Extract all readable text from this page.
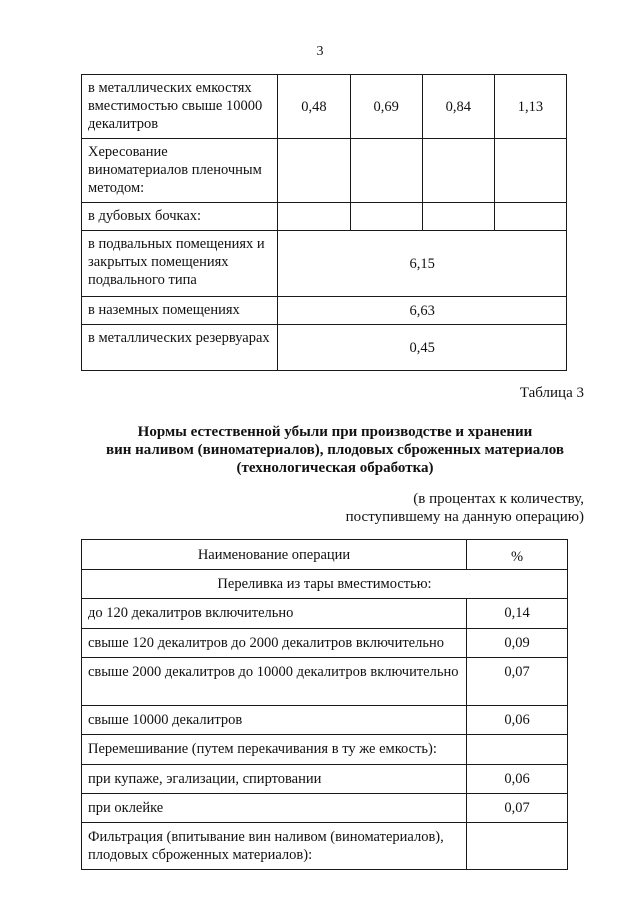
3
в металлических емкостях вместимостью свыше 10000 декалитров	0,48	0,69	0,84	1,13
Хересование виноматериалов пленочным методом:				
в дубовых бочках:				
в подвальных помещениях и закрытых помещениях подвального типа	6,15			
в наземных помещениях	6,63			
в металлических резервуарах	0,45			
Таблица 3
Нормы естественной убыли при производстве и хранении
вин наливом (виноматериалов), плодовых сброженных материалов
(технологическая обработка)
(в процентах к количеству,
поступившему на данную операцию)
Наименование операции	%
Переливка из тары вместимостью:	
до 120 декалитров включительно	0,14
свыше 120 декалитров до 2000 декалитров включительно	0,09
свыше 2000 декалитров до 10000 декалитров включительно	0,07
свыше 10000 декалитров	0,06
Перемешивание (путем перекачивания в ту же емкость):	
при купаже, эгализации, спиртовании	0,06
при оклейке	0,07
Фильтрация (впитывание вин наливом (виноматериалов), плодовых сброженных материалов):	
